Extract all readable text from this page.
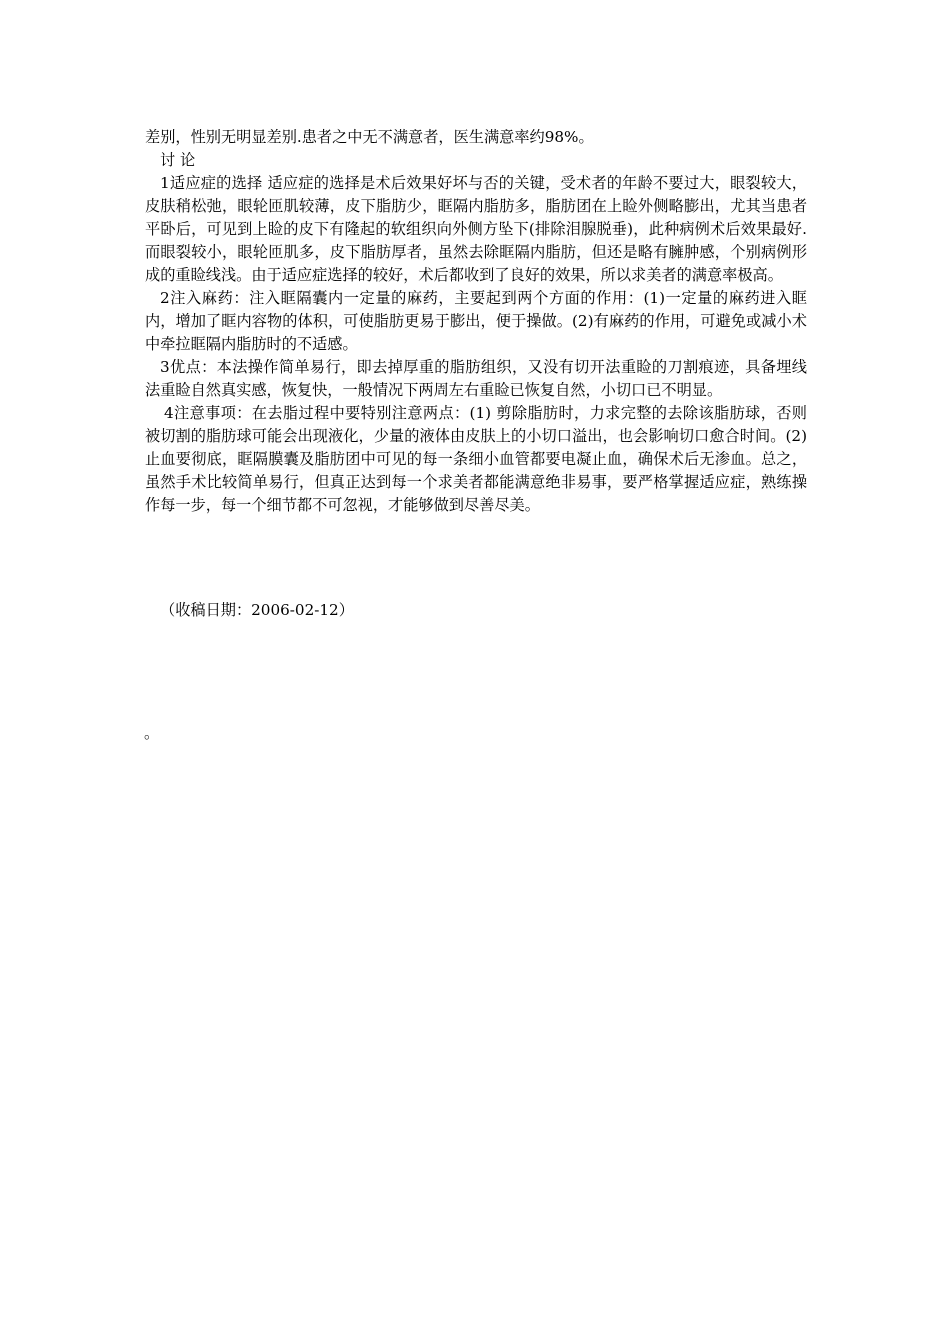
差别，性别无明显差别.患者之中无不满意者，医生满意率约98%。

讨 论

1适应症的选择 适应症的选择是术后效果好坏与否的关键，受术者的年龄不要过大，眼裂较大，皮肤稍松弛，眼轮匝肌较薄，皮下脂肪少，眶隔内脂肪多，脂肪团在上睑外侧略膨出，尤其当患者平卧后，可见到上睑的皮下有隆起的软组织向外侧方坠下(排除泪腺脱垂)，此种病例术后效果最好.而眼裂较小，眼轮匝肌多，皮下脂肪厚者，虽然去除眶隔内脂肪，但还是略有臃肿感，个别病例形成的重睑线浅。由于适应症选择的较好，术后都收到了良好的效果，所以求美者的满意率极高。

2注入麻药：注入眶隔囊内一定量的麻药，主要起到两个方面的作用：(1)一定量的麻药进入眶内，增加了眶内容物的体积，可使脂肪更易于膨出，便于操做。(2)有麻药的作用，可避免或减小术中牵拉眶隔内脂肪时的不适感。

3优点：本法操作简单易行，即去掉厚重的脂肪组织，又没有切开法重睑的刀割痕迹，具备埋线法重睑自然真实感，恢复快，一般情况下两周左右重睑已恢复自然，小切口已不明显。

4注意事项：在去脂过程中要特别注意两点：(1) 剪除脂肪时，力求完整的去除该脂肪球，否则被切割的脂肪球可能会出现液化，少量的液体由皮肤上的小切口溢出，也会影响切口愈合时间。(2)止血要彻底，眶隔膜囊及脂肪团中可见的每一条细小血管都要电凝止血，确保术后无渗血。总之，虽然手术比较简单易行，但真正达到每一个求美者都能满意绝非易事，要严格掌握适应症，熟练操作每一步，每一个细节都不可忽视，才能够做到尽善尽美。

（收稿日期：2006-02-12）
。
